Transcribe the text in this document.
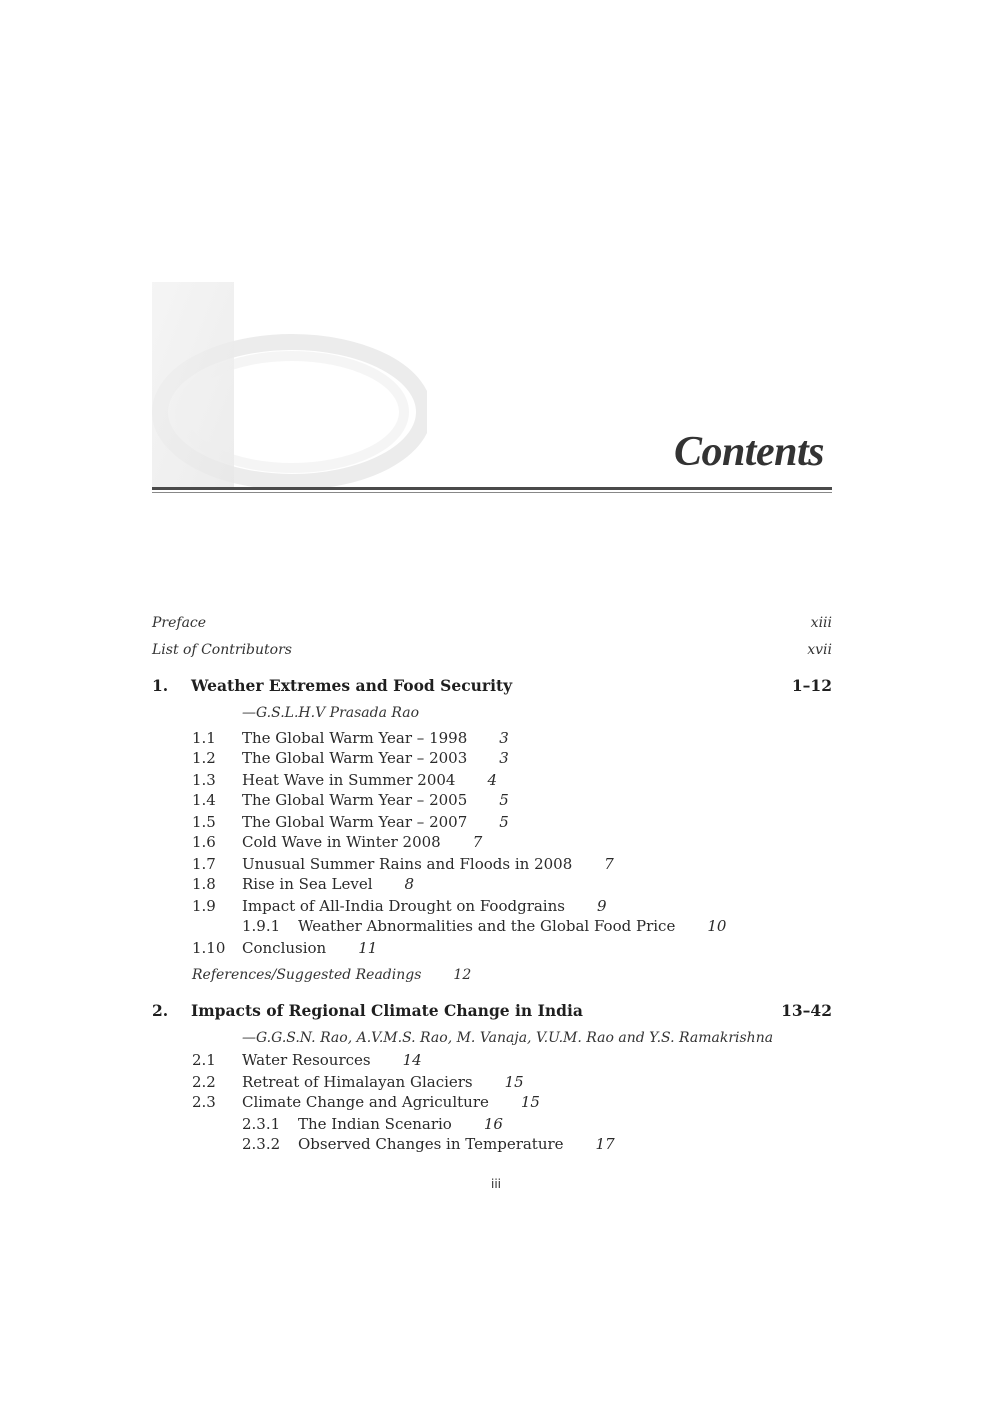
Contents
Preface	xiii
List of Contributors	xvii
1. Weather Extremes and Food Security	1–12
—G.S.L.H.V Prasada Rao
1.1 The Global Warm Year – 1998 3
1.2 The Global Warm Year – 2003 3
1.3 Heat Wave in Summer 2004 4
1.4 The Global Warm Year – 2005 5
1.5 The Global Warm Year – 2007 5
1.6 Cold Wave in Winter 2008 7
1.7 Unusual Summer Rains and Floods in 2008 7
1.8 Rise in Sea Level 8
1.9 Impact of All-India Drought on Foodgrains 9
1.9.1 Weather Abnormalities and the Global Food Price 10
1.10 Conclusion 11
References/Suggested Readings 12
2. Impacts of Regional Climate Change in India	13–42
—G.G.S.N. Rao, A.V.M.S. Rao, M. Vanaja, V.U.M. Rao and Y.S. Ramakrishna
2.1 Water Resources 14
2.2 Retreat of Himalayan Glaciers 15
2.3 Climate Change and Agriculture 15
2.3.1 The Indian Scenario 16
2.3.2 Observed Changes in Temperature 17
iii
